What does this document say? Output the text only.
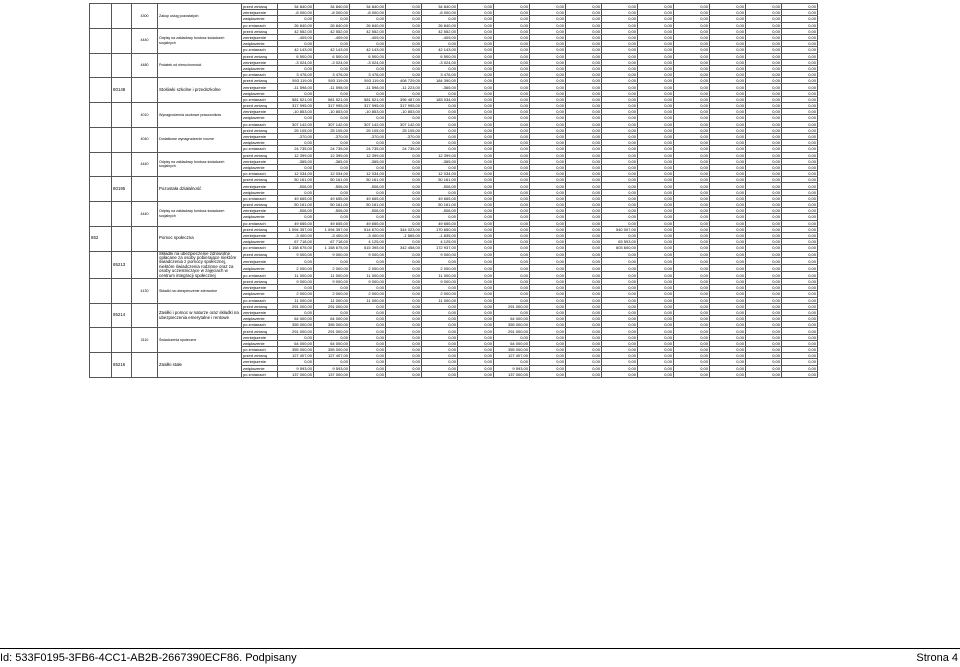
		4300	Zakup usług pozostałych	przed zmianą	34 840,00	34 840,00	34 840,00	0,00	34 840,00	0,00	0,00	0,00	0,00	0,00	0,00	0,00	0,00	0,00	0,00
				zmniejszenie	-8 000,00	-8 000,00	-8 000,00	0,00	-8 000,00	0,00	0,00	0,00	0,00	0,00	0,00	0,00	0,00	0,00	0,00
				zwiększenie	0,00	0,00	0,00	0,00	0,00	0,00	0,00	0,00	0,00	0,00	0,00	0,00	0,00	0,00	0,00
				po zmianach	26 840,00	26 840,00	26 840,00	0,00	26 840,00	0,00	0,00	0,00	0,00	0,00	0,00	0,00	0,00	0,00	0,00
		4440	Odpisy na zakładowy fundusz świadczeń socjalnych	przed zmianą	42 552,00	42 552,00	42 552,00	0,00	42 552,00	0,00	0,00	0,00	0,00	0,00	0,00	0,00	0,00	0,00	0,00
				zmniejszenie	-409,00	-409,00	-409,00	0,00	-409,00	0,00	0,00	0,00	0,00	0,00	0,00	0,00	0,00	0,00	0,00
				zwiększenie	0,00	0,00	0,00	0,00	0,00	0,00	0,00	0,00	0,00	0,00	0,00	0,00	0,00	0,00	0,00
				po zmianach	42 143,00	42 143,00	42 143,00	0,00	42 143,00	0,00	0,00	0,00	0,00	0,00	0,00	0,00	0,00	0,00	0,00
		4480	Podatek od nieruchomości	przed zmianą	6 500,00	6 500,00	6 500,00	0,00	6 500,00	0,00	0,00	0,00	0,00	0,00	0,00	0,00	0,00	0,00	0,00
				zmniejszenie	-3 024,00	-3 024,00	-3 024,00	0,00	-3 024,00	0,00	0,00	0,00	0,00	0,00	0,00	0,00	0,00	0,00	0,00
				zwiększenie	0,00	0,00	0,00	0,00	0,00	0,00	0,00	0,00	0,00	0,00	0,00	0,00	0,00	0,00	0,00
				po zmianach	3 476,00	3 476,00	3 476,00	0,00	3 476,00	0,00	0,00	0,00	0,00	0,00	0,00	0,00	0,00	0,00	0,00
	80148		Stołówki szkolne i przedszkolne	przed zmianą	593 119,00	593 119,00	593 119,00	408 729,00	184 390,00	0,00	0,00	0,00	0,00	0,00	0,00	0,00	0,00	0,00	0,00
				zmniejszenie	-11 598,00	-11 598,00	-11 598,00	-11 223,00	-365,00	0,00	0,00	0,00	0,00	0,00	0,00	0,00	0,00	0,00	0,00
				zwiększenie	0,00	0,00	0,00	0,00	0,00	0,00	0,00	0,00	0,00	0,00	0,00	0,00	0,00	0,00	0,00
				po zmianach	581 521,00	581 521,00	581 521,00	396 487,00	183 034,00	0,00	0,00	0,00	0,00	0,00	0,00	0,00	0,00	0,00	0,00
		4010	Wynagrodzenia osobowe pracowników	przed zmianą	317 995,00	317 995,00	317 995,00	317 995,00	0,00	0,00	0,00	0,00	0,00	0,00	0,00	0,00	0,00	0,00	0,00
				zmniejszenie	-10 853,00	-10 853,00	-10 853,00	-10 853,00	0,00	0,00	0,00	0,00	0,00	0,00	0,00	0,00	0,00	0,00	0,00
				zwiększenie	0,00	0,00	0,00	0,00	0,00	0,00	0,00	0,00	0,00	0,00	0,00	0,00	0,00	0,00	0,00
				po zmianach	307 142,00	307 142,00	307 142,00	307 142,00	0,00	0,00	0,00	0,00	0,00	0,00	0,00	0,00	0,00	0,00	0,00
		4040	Dodatkowe wynagrodzenie roczne	przed zmianą	25 105,00	25 105,00	25 105,00	25 105,00	0,00	0,00	0,00	0,00	0,00	0,00	0,00	0,00	0,00	0,00	0,00
				zmniejszenie	-370,00	-370,00	-370,00	-370,00	0,00	0,00	0,00	0,00	0,00	0,00	0,00	0,00	0,00	0,00	0,00
				zwiększenie	0,00	0,00	0,00	0,00	0,00	0,00	0,00	0,00	0,00	0,00	0,00	0,00	0,00	0,00	0,00
				po zmianach	24 735,00	24 735,00	24 735,00	24 735,00	0,00	0,00	0,00	0,00	0,00	0,00	0,00	0,00	0,00	0,00	0,00
		4440	Odpisy na zakładowy fundusz świadczeń socjalnych	przed zmianą	12 399,00	12 399,00	12 399,00	0,00	12 399,00	0,00	0,00	0,00	0,00	0,00	0,00	0,00	0,00	0,00	0,00
				zmniejszenie	-365,00	-365,00	-365,00	0,00	-365,00	0,00	0,00	0,00	0,00	0,00	0,00	0,00	0,00	0,00	0,00
				zwiększenie	0,00	0,00	0,00	0,00	0,00	0,00	0,00	0,00	0,00	0,00	0,00	0,00	0,00	0,00	0,00
				po zmianach	12 034,00	12 034,00	12 034,00	0,00	12 034,00	0,00	0,00	0,00	0,00	0,00	0,00	0,00	0,00	0,00	0,00
	80195		Pozostała działalność	przed zmianą	50 161,00	50 161,00	50 161,00	0,00	50 161,00	0,00	0,00	0,00	0,00	0,00	0,00	0,00	0,00	0,00	0,00
				zmniejszenie	-506,00	-506,00	-506,00	0,00	-506,00	0,00	0,00	0,00	0,00	0,00	0,00	0,00	0,00	0,00	0,00
				zwiększenie	0,00	0,00	0,00	0,00	0,00	0,00	0,00	0,00	0,00	0,00	0,00	0,00	0,00	0,00	0,00
				po zmianach	49 655,00	49 655,00	49 655,00	0,00	49 655,00	0,00	0,00	0,00	0,00	0,00	0,00	0,00	0,00	0,00	0,00
		4440	Odpisy na zakładowy fundusz świadczeń socjalnych	przed zmianą	50 161,00	50 161,00	50 161,00	0,00	50 161,00	0,00	0,00	0,00	0,00	0,00	0,00	0,00	0,00	0,00	0,00
				zmniejszenie	-506,00	-506,00	-506,00	0,00	-506,00	0,00	0,00	0,00	0,00	0,00	0,00	0,00	0,00	0,00	0,00
				zwiększenie	0,00	0,00	0,00	0,00	0,00	0,00	0,00	0,00	0,00	0,00	0,00	0,00	0,00	0,00	0,00
				po zmianach	49 655,00	49 655,00	49 655,00	0,00	49 655,00	0,00	0,00	0,00	0,00	0,00	0,00	0,00	0,00	0,00	0,00
852			Pomoc społeczna	przed zmianą	1 094 357,00	1 094 357,00	514 670,00	344 023,00	170 650,00	0,00	0,00	0,00	0,00	540 007,00	0,00	0,00	0,00	0,00	0,00
				zmniejszenie	-3 400,00	-3 400,00	-3 400,00	-1 565,00	-1 835,00	0,00	0,00	0,00	0,00	0,00	0,00	0,00	0,00	0,00	0,00
				zwiększenie	67 718,00	67 718,00	4 125,00	0,00	4 125,00	0,00	0,00	0,00	0,00	63 593,00	0,00	0,00	0,00	0,00	0,00
				po zmianach	1 158 675,00	1 158 675,00	515 395,00	342 458,00	172 937,00	0,00	0,00	0,00	0,00	603 600,00	0,00	0,00	0,00	0,00	0,00
	85213		Składki na ubezpieczenie zdrowotne opłacane za osoby pobierające niektóre świadczenia z pomocy społecznej, niektóre świadczenia rodzinne oraz za osoby uczestniczące w zajęciach w centrum integracji społecznej	przed zmianą	9 000,00	9 000,00	9 000,00	0,00	9 000,00	0,00	0,00	0,00	0,00	0,00	0,00	0,00	0,00	0,00	0,00
				zmniejszenie	0,00	0,00	0,00	0,00	0,00	0,00	0,00	0,00	0,00	0,00	0,00	0,00	0,00	0,00	0,00
				zwiększenie	2 000,00	2 000,00	2 000,00	0,00	2 000,00	0,00	0,00	0,00	0,00	0,00	0,00	0,00	0,00	0,00	0,00
				po zmianach	11 000,00	11 000,00	11 000,00	0,00	11 000,00	0,00	0,00	0,00	0,00	0,00	0,00	0,00	0,00	0,00	0,00
		4130	Składki na ubezpieczenie zdrowotne	przed zmianą	9 000,00	9 000,00	9 000,00	0,00	9 000,00	0,00	0,00	0,00	0,00	0,00	0,00	0,00	0,00	0,00	0,00
				zmniejszenie	0,00	0,00	0,00	0,00	0,00	0,00	0,00	0,00	0,00	0,00	0,00	0,00	0,00	0,00	0,00
				zwiększenie	2 000,00	2 000,00	2 000,00	0,00	2 000,00	0,00	0,00	0,00	0,00	0,00	0,00	0,00	0,00	0,00	0,00
				po zmianach	11 000,00	11 000,00	11 000,00	0,00	11 000,00	0,00	0,00	0,00	0,00	0,00	0,00	0,00	0,00	0,00	0,00
	85214		Zasiłki i pomoc w naturze oraz składki na ubezpieczenia emerytalne i rentowe	przed zmianą	291 000,00	291 000,00	0,00	0,00	0,00	0,00	291 000,00	0,00	0,00	0,00	0,00	0,00	0,00	0,00	0,00
				zmniejszenie	0,00	0,00	0,00	0,00	0,00	0,00	0,00	0,00	0,00	0,00	0,00	0,00	0,00	0,00	0,00
				zwiększenie	64 000,00	64 000,00	0,00	0,00	0,00	0,00	64 000,00	0,00	0,00	0,00	0,00	0,00	0,00	0,00	0,00
				po zmianach	355 000,00	355 000,00	0,00	0,00	0,00	0,00	355 000,00	0,00	0,00	0,00	0,00	0,00	0,00	0,00	0,00
		3110	Świadczenia społeczne	przed zmianą	291 000,00	291 000,00	0,00	0,00	0,00	0,00	291 000,00	0,00	0,00	0,00	0,00	0,00	0,00	0,00	0,00
				zmniejszenie	0,00	0,00	0,00	0,00	0,00	0,00	0,00	0,00	0,00	0,00	0,00	0,00	0,00	0,00	0,00
				zwiększenie	64 000,00	64 000,00	0,00	0,00	0,00	0,00	64 000,00	0,00	0,00	0,00	0,00	0,00	0,00	0,00	0,00
				po zmianach	355 000,00	355 000,00	0,00	0,00	0,00	0,00	355 000,00	0,00	0,00	0,00	0,00	0,00	0,00	0,00	0,00
	85216		Zasiłki stałe	przed zmianą	127 407,00	127 407,00	0,00	0,00	0,00	0,00	127 407,00	0,00	0,00	0,00	0,00	0,00	0,00	0,00	0,00
				zmniejszenie	0,00	0,00	0,00	0,00	0,00	0,00	0,00	0,00	0,00	0,00	0,00	0,00	0,00	0,00	0,00
				zwiększenie	9 593,00	9 593,00	0,00	0,00	0,00	0,00	9 593,00	0,00	0,00	0,00	0,00	0,00	0,00	0,00	0,00
				po zmianach	137 000,00	137 000,00	0,00	0,00	0,00	0,00	137 000,00	0,00	0,00	0,00	0,00	0,00	0,00	0,00	0,00
Id: 533F0195-3FB6-4CC1-AB2B-2667390ECF86. Podpisany	Strona 4
